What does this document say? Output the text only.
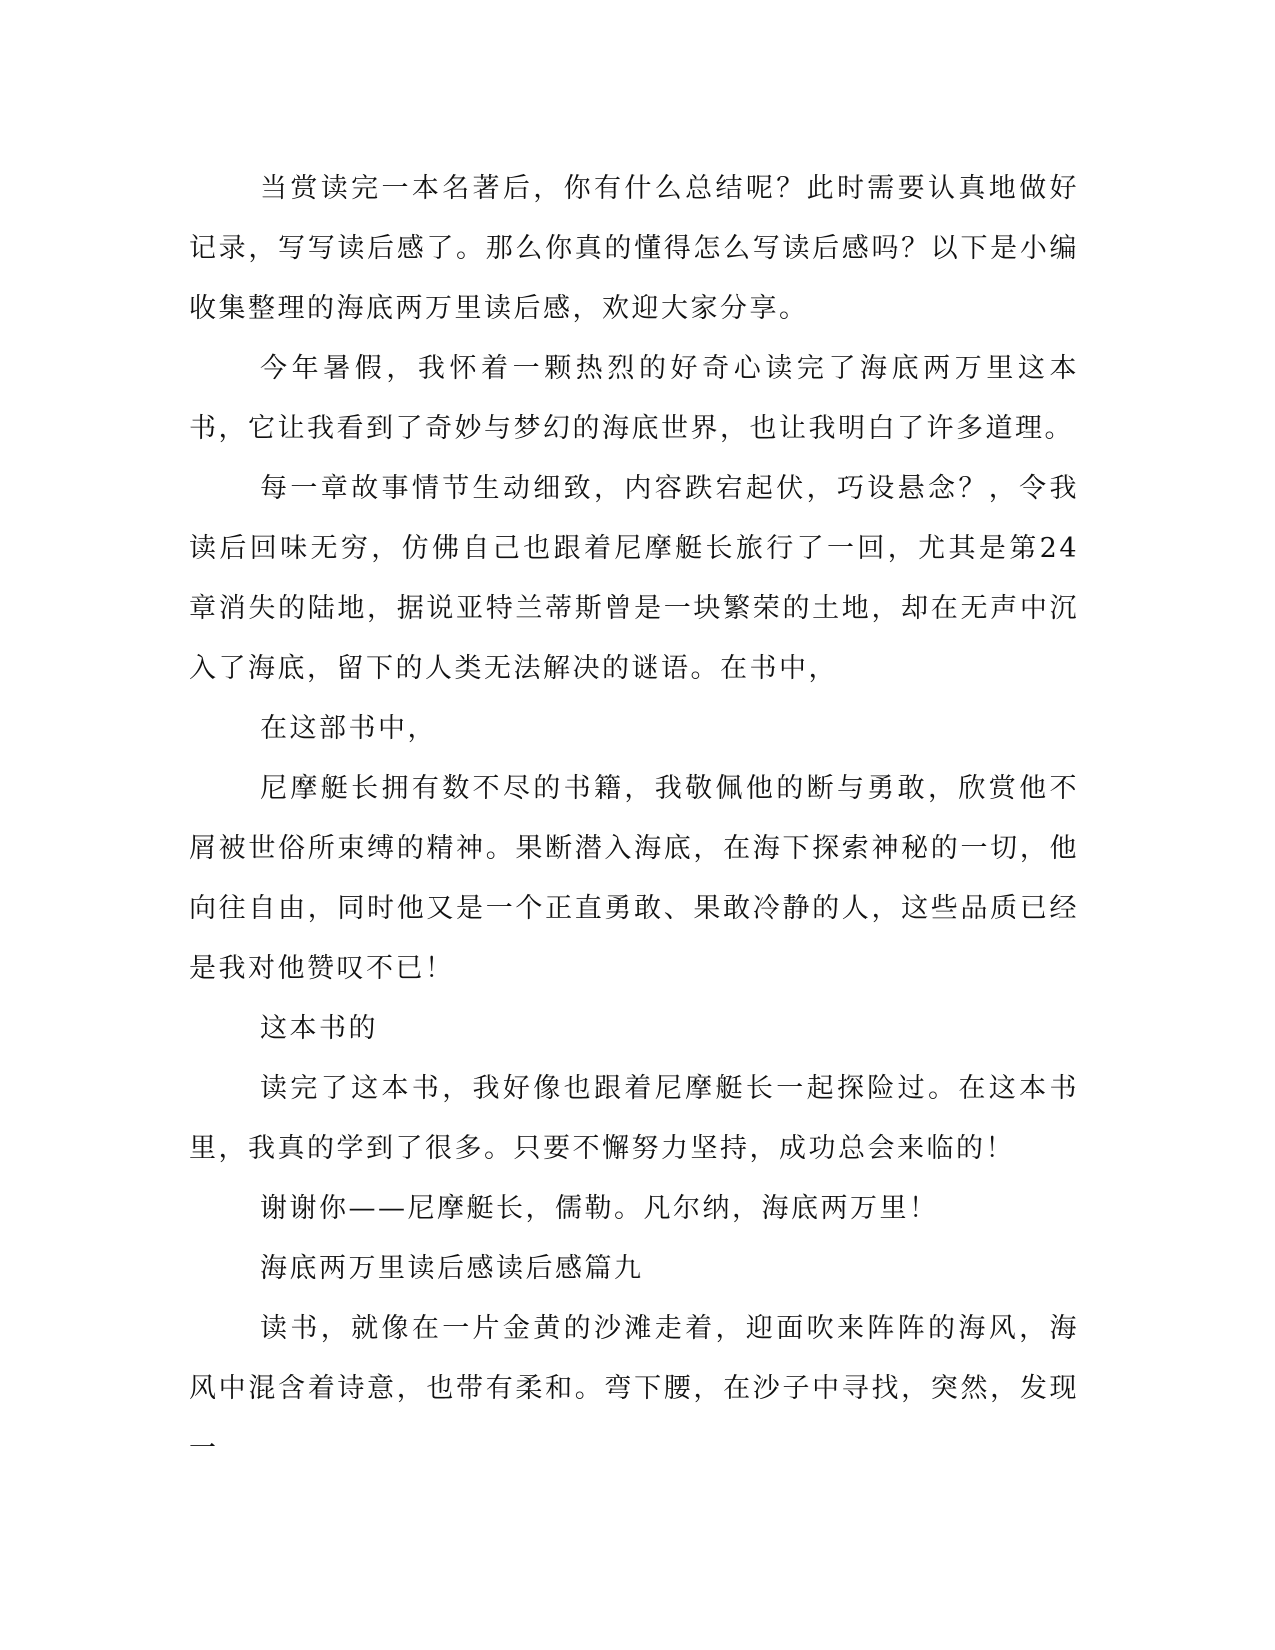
当赏读完一本名著后，你有什么总结呢？此时需要认真地做好记录，写写读后感了。那么你真的懂得怎么写读后感吗？以下是小编收集整理的海底两万里读后感，欢迎大家分享。

今年暑假，我怀着一颗热烈的好奇心读完了海底两万里这本书，它让我看到了奇妙与梦幻的海底世界，也让我明白了许多道理。

每一章故事情节生动细致，内容跌宕起伏，巧设悬念？，令我读后回味无穷，仿佛自己也跟着尼摩艇长旅行了一回，尤其是第24章消失的陆地，据说亚特兰蒂斯曾是一块繁荣的土地，却在无声中沉入了海底，留下的人类无法解决的谜语。在书中，

在这部书中，

尼摩艇长拥有数不尽的书籍，我敬佩他的断与勇敢，欣赏他不屑被世俗所束缚的精神。果断潜入海底，在海下探索神秘的一切，他向往自由，同时他又是一个正直勇敢、果敢冷静的人，这些品质已经是我对他赞叹不已！

这本书的

读完了这本书，我好像也跟着尼摩艇长一起探险过。在这本书里，我真的学到了很多。只要不懈努力坚持，成功总会来临的！

谢谢你——尼摩艇长，儒勒。凡尔纳，海底两万里！

海底两万里读后感读后感篇九

读书，就像在一片金黄的沙滩走着，迎面吹来阵阵的海风，海风中混含着诗意，也带有柔和。弯下腰，在沙子中寻找，突然，发现一
